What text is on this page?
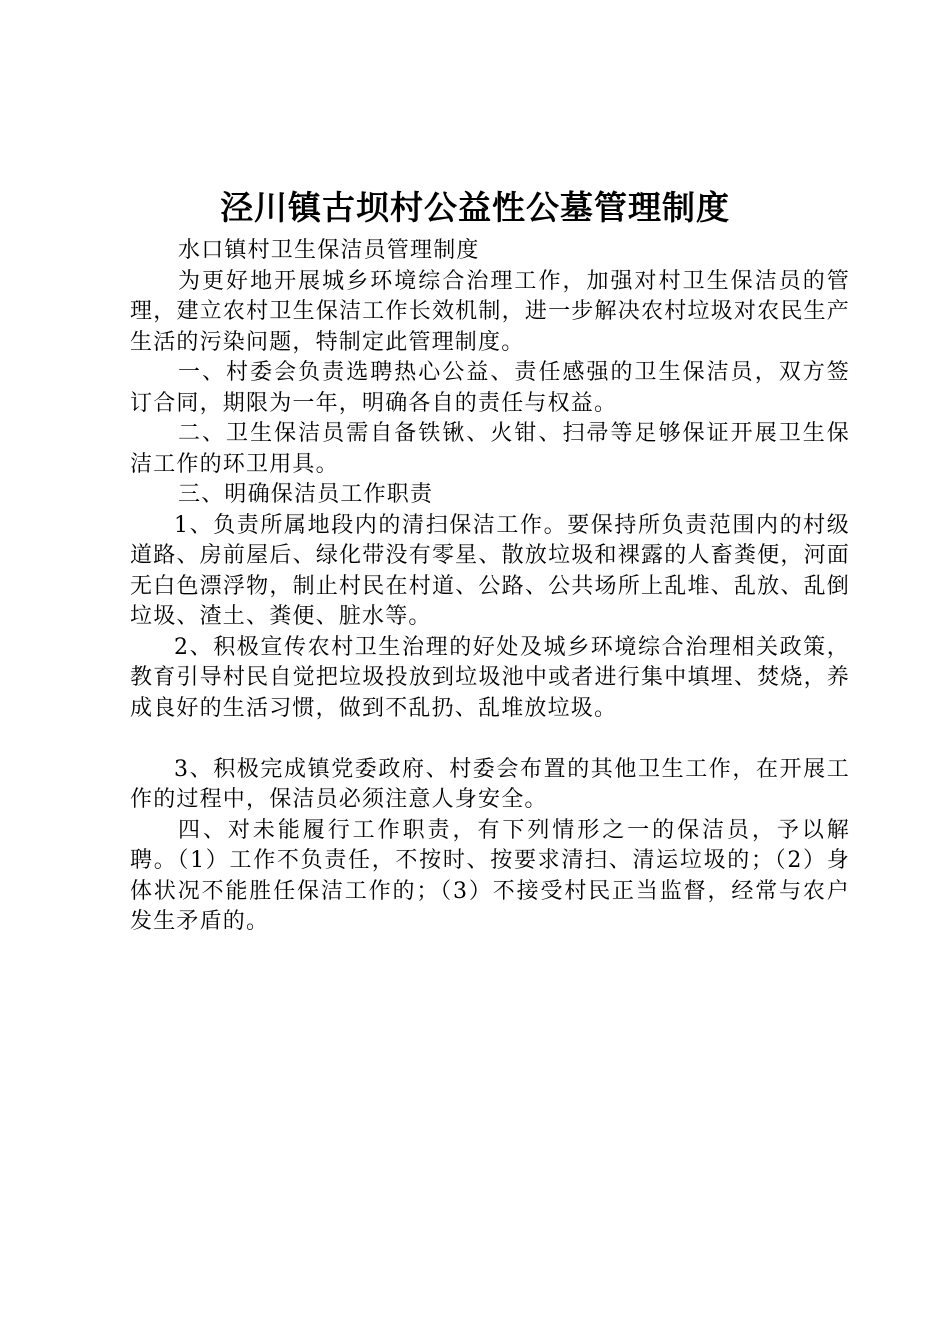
泾川镇古坝村公益性公墓管理制度

水口镇村卫生保洁员管理制度

为更好地开展城乡环境综合治理工作，加强对村卫生保洁员的管理，建立农村卫生保洁工作长效机制，进一步解决农村垃圾对农民生产生活的污染问题，特制定此管理制度。

一、村委会负责选聘热心公益、责任感强的卫生保洁员，双方签订合同，期限为一年，明确各自的责任与权益。

二、卫生保洁员需自备铁锹、火钳、扫帚等足够保证开展卫生保洁工作的环卫用具。

三、明确保洁员工作职责

1、负责所属地段内的清扫保洁工作。要保持所负责范围内的村级道路、房前屋后、绿化带没有零星、散放垃圾和裸露的人畜粪便，河面无白色漂浮物，制止村民在村道、公路、公共场所上乱堆、乱放、乱倒垃圾、渣土、粪便、脏水等。

2、积极宣传农村卫生治理的好处及城乡环境综合治理相关政策，教育引导村民自觉把垃圾投放到垃圾池中或者进行集中填埋、焚烧，养成良好的生活习惯，做到不乱扔、乱堆放垃圾。

3、积极完成镇党委政府、村委会布置的其他卫生工作，在开展工作的过程中，保洁员必须注意人身安全。

四、对未能履行工作职责，有下列情形之一的保洁员，予以解聘。（1）工作不负责任，不按时、按要求清扫、清运垃圾的；（2）身体状况不能胜任保洁工作的；（3）不接受村民正当监督，经常与农户发生矛盾的。
